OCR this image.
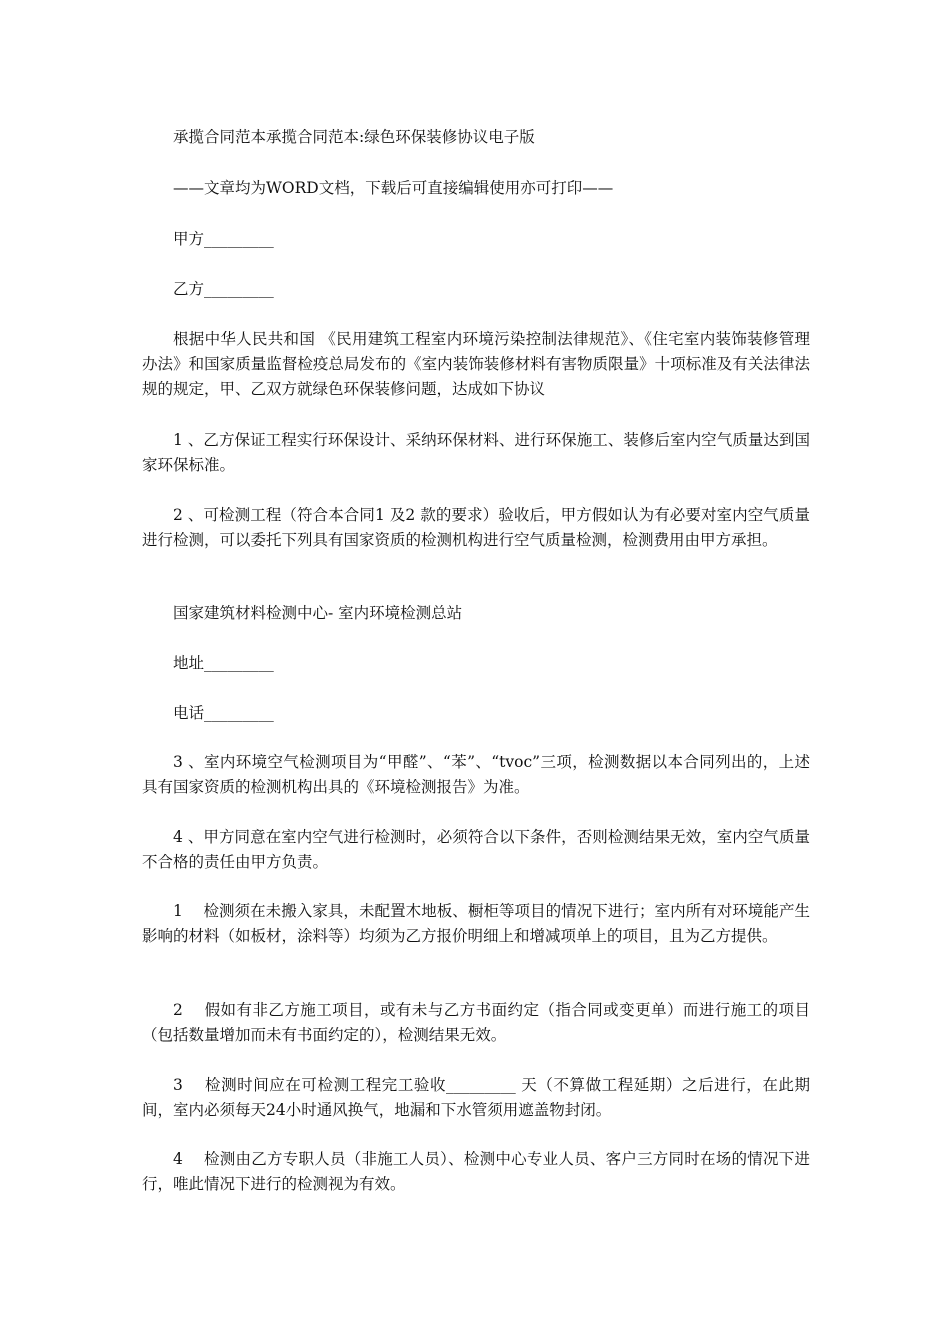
承揽合同范本承揽合同范本:绿色环保装修协议电子版

——文章均为WORD文档，下载后可直接编辑使用亦可打印——

甲方_________

乙方_________

根据中华人民共和国 《民用建筑工程室内环境污染控制法律规范》、《住宅室内装饰装修管理办法》和国家质量监督检疫总局发布的《室内装饰装修材料有害物质限量》十项标准及有关法律法规的规定，甲、乙双方就绿色环保装修问题，达成如下协议

1 、乙方保证工程实行环保设计、采纳环保材料、进行环保施工、装修后室内空气质量达到国家环保标准。

2 、可检测工程（符合本合同1 及2 款的要求）验收后，甲方假如认为有必要对室内空气质量进行检测，可以委托下列具有国家资质的检测机构进行空气质量检测，检测费用由甲方承担。

国家建筑材料检测中心- 室内环境检测总站

地址_________

电话_________

3 、室内环境空气检测项目为“甲醛”、“苯”、“tvoc”三项，检测数据以本合同列出的，上述具有国家资质的检测机构出具的《环境检测报告》为准。

4 、甲方同意在室内空气进行检测时，必须符合以下条件，否则检测结果无效，室内空气质量不合格的责任由甲方负责。

1　 检测须在未搬入家具，未配置木地板、橱柜等项目的情况下进行；室内所有对环境能产生影响的材料（如板材，涂料等）均须为乙方报价明细上和增减项单上的项目，且为乙方提供。

2　 假如有非乙方施工项目，或有未与乙方书面约定（指合同或变更单）而进行施工的项目（包括数量增加而未有书面约定的），检测结果无效。

3　 检测时间应在可检测工程完工验收_________ 天（不算做工程延期）之后进行，在此期间，室内必须每天24小时通风换气，地漏和下水管须用遮盖物封闭。

4　 检测由乙方专职人员（非施工人员）、检测中心专业人员、客户三方同时在场的情况下进行，唯此情况下进行的检测视为有效。
